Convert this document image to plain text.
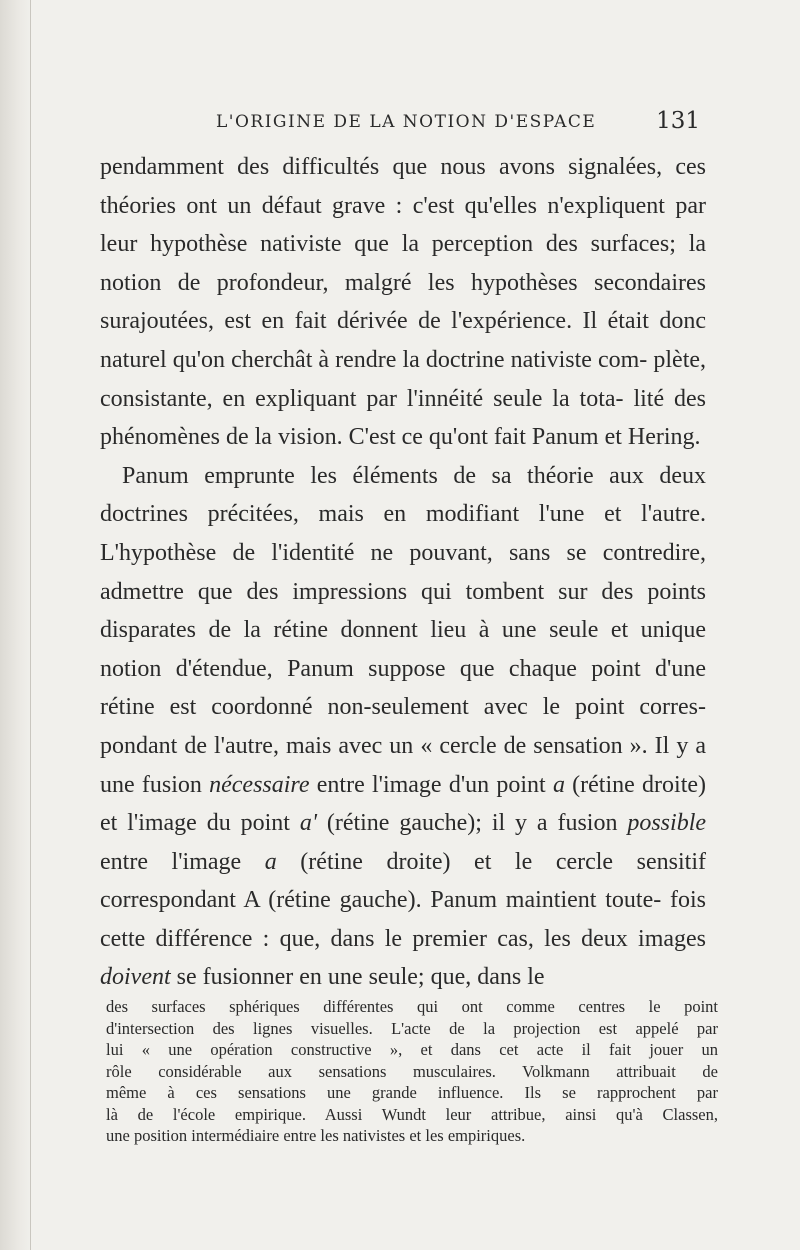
L'ORIGINE DE LA NOTION D'ESPACE	131

pendamment des difficultés que nous avons signalées, ces théories ont un défaut grave : c'est qu'elles n'expliquent par leur hypothèse nativiste que la perception des surfaces; la notion de profondeur, malgré les hypothèses secondaires surajoutées, est en fait dérivée de l'expérience. Il était donc naturel qu'on cherchât à rendre la doctrine nativiste com- plète, consistante, en expliquant par l'innéité seule la tota- lité des phénomènes de la vision. C'est ce qu'ont fait Panum et Hering.

Panum emprunte les éléments de sa théorie aux deux doctrines précitées, mais en modifiant l'une et l'autre. L'hypothèse de l'identité ne pouvant, sans se contredire, admettre que des impressions qui tombent sur des points disparates de la rétine donnent lieu à une seule et unique notion d'étendue, Panum suppose que chaque point d'une rétine est coordonné non-seulement avec le point corres- pondant de l'autre, mais avec un « cercle de sensation ». Il y a une fusion nécessaire entre l'image d'un point a (rétine droite) et l'image du point a' (rétine gauche); il y a fusion possible entre l'image a (rétine droite) et le cercle sensitif correspondant A (rétine gauche). Panum maintient toute- fois cette différence : que, dans le premier cas, les deux images doivent se fusionner en une seule; que, dans le

des surfaces sphériques différentes qui ont comme centres le point
d'intersection des lignes visuelles. L'acte de la projection est appelé par
lui « une opération constructive », et dans cet acte il fait jouer un
rôle considérable aux sensations musculaires. Volkmann attribuait de
même à ces sensations une grande influence. Ils se rapprochent par
là de l'école empirique. Aussi Wundt leur attribue, ainsi qu'à Classen,
une position intermédiaire entre les nativistes et les empiriques.
